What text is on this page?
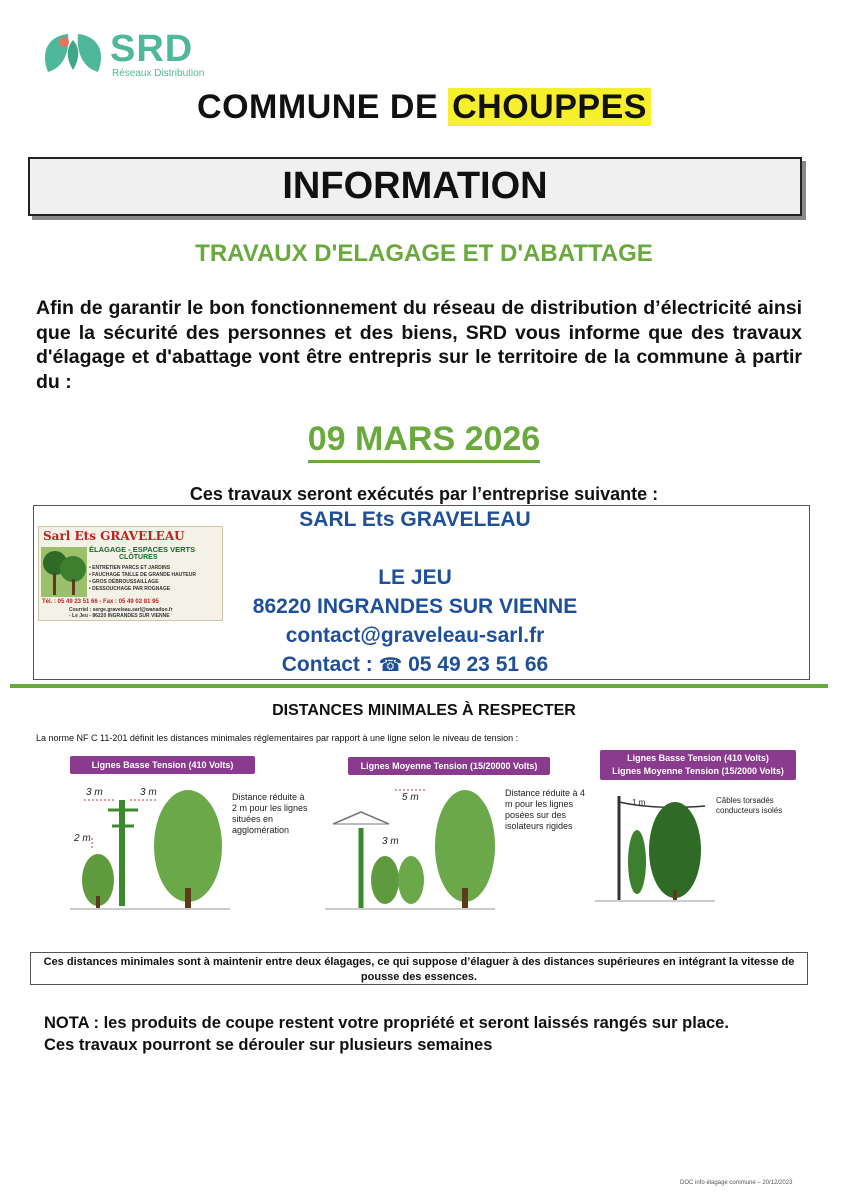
SRD
Réseaux Distribution
COMMUNE DE CHOUPPES
INFORMATION
TRAVAUX D'ELAGAGE ET D'ABATTAGE
Afin de garantir le bon fonctionnement du réseau de distribution d’électricité ainsi que la sécurité des personnes et des biens, SRD vous informe que des travaux d'élagage et d'abattage vont être entrepris sur le territoire de la commune à partir du :
09 MARS 2026
Ces travaux seront exécutés par l’entreprise suivante :
Sarl Ets GRAVELEAU
ÉLAGAGE - ESPACES VERTS
CLÔTURES
• ENTRETIEN PARCS ET JARDINS
• FAUCHAGE TAILLE DE GRANDE HAUTEUR
• GROS DÉBROUSSAILLAGE
• DESSOUCHAGE PAR ROGNAGE
Tél. : 05 49 23 51 66 - Fax : 05 49 02 81 95
Courriel : serge.graveleau.sarl@wanadoo.fr
- Le Jeu - 86220 INGRANDES SUR VIENNE
SARL Ets GRAVELEAU
LE JEU
86220 INGRANDES SUR VIENNE
contact@graveleau-sarl.fr
Contact : ☎ 05 49 23 51 66
DISTANCES MINIMALES À RESPECTER
La norme NF C 11-201 définit les distances minimales réglementaires par rapport à une ligne selon le niveau de tension :
Lignes Basse Tension (410 Volts)
3 m	3 m
2 m
Distance réduite à 2 m pour les lignes situées en agglomération
Lignes Moyenne Tension (15/20000 Volts)
5 m
3 m
Distance réduite à 4 m pour les lignes posées sur des isolateurs rigides
Lignes Basse Tension (410 Volts)
Lignes Moyenne Tension (15/2000 Volts)
1 m	Câbles torsadés conducteurs isolés
Ces distances minimales sont à maintenir entre deux élagages, ce qui suppose d’élaguer à des distances supérieures en intégrant la vitesse de pousse des essences.
NOTA : les produits de coupe restent votre propriété et seront laissés rangés sur place.
Ces travaux pourront se dérouler sur plusieurs semaines
DOC info élagage commune – 20/12/2023
